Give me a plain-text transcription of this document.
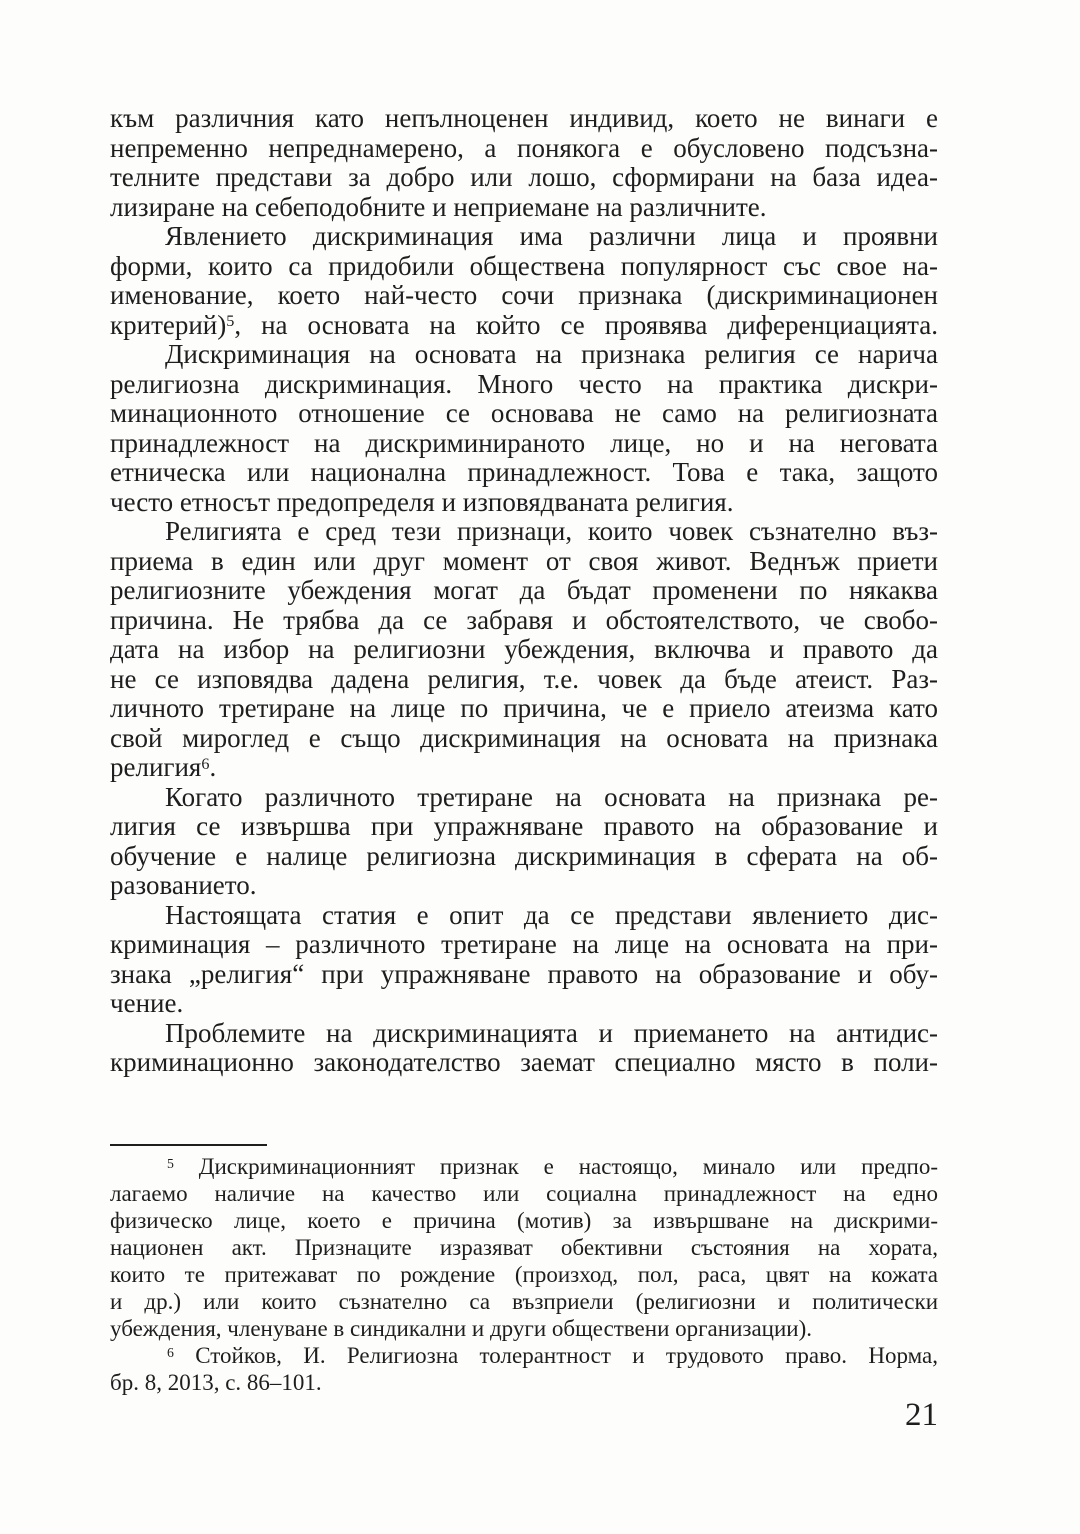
към различния като непълноценен индивид, което не винаги е
непременно непреднамерено, а понякога е обусловено подсъзна-
телните представи за добро или лошо, сформирани на база идеа-
лизиране на себеподобните и неприемане на различните.
Явлението дискриминация има различни лица и проявни
форми, които са придобили обществена популярност със свое на-
именование, което най-често сочи признака (дискриминационен
критерий)$^5$, на основата на който се проявява диференциацията.
Дискриминация на основата на признака религия се нарича
религиозна дискриминация. Много често на практика дискри-
минационното отношение се основава не само на религиозната
принадлежност на дискриминираното лице, но и на неговата
етническа или национална принадлежност. Това е така, защото
често етносът предопределя и изповядваната религия.
Религията е сред тези признаци, които човек съзнателно въз-
приема в един или друг момент от своя живот. Веднъж приети
религиозните убеждения могат да бъдат променени по някаква
причина. Не трябва да се забравя и обстоятелството, че свобо-
дата на избор на религиозни убеждения, включва и правото да
не се изповядва дадена религия, т.е. човек да бъде атеист. Раз-
личното третиране на лице по причина, че е приело атеизма като
свой мироглед е също дискриминация на основата на признака
религия$^6$.
Когато различното третиране на основата на признака ре-
лигия се извършва при упражняване правото на образование и
обучение е налице религиозна дискриминация в сферата на об-
разованието.
Настоящата статия е опит да се представи явлението дис-
криминация – различното третиране на лице на основата на при-
знака „религия“ при упражняване правото на образование и обу-
чение.
Проблемите на дискриминацията и приемането на антидис-
криминационно законодателство заемат специално място в поли-
$^5$ Дискриминационният признак е настоящо, минало или предпо-
лагаемо наличие на качество или социална принадлежност на едно
физическо лице, което е причина (мотив) за извършване на дискрими-
национен акт. Признаците изразяват обективни състояния на хората,
които те притежават по рождение (произход, пол, раса, цвят на кожата
и др.) или които съзнателно са възприели (религиозни и политически
убеждения, членуване в синдикални и други обществени организации).
$^6$ Стойков, И. Религиозна толерантност и трудовото право. Норма,
бр. 8, 2013, с. 86–101.
21
